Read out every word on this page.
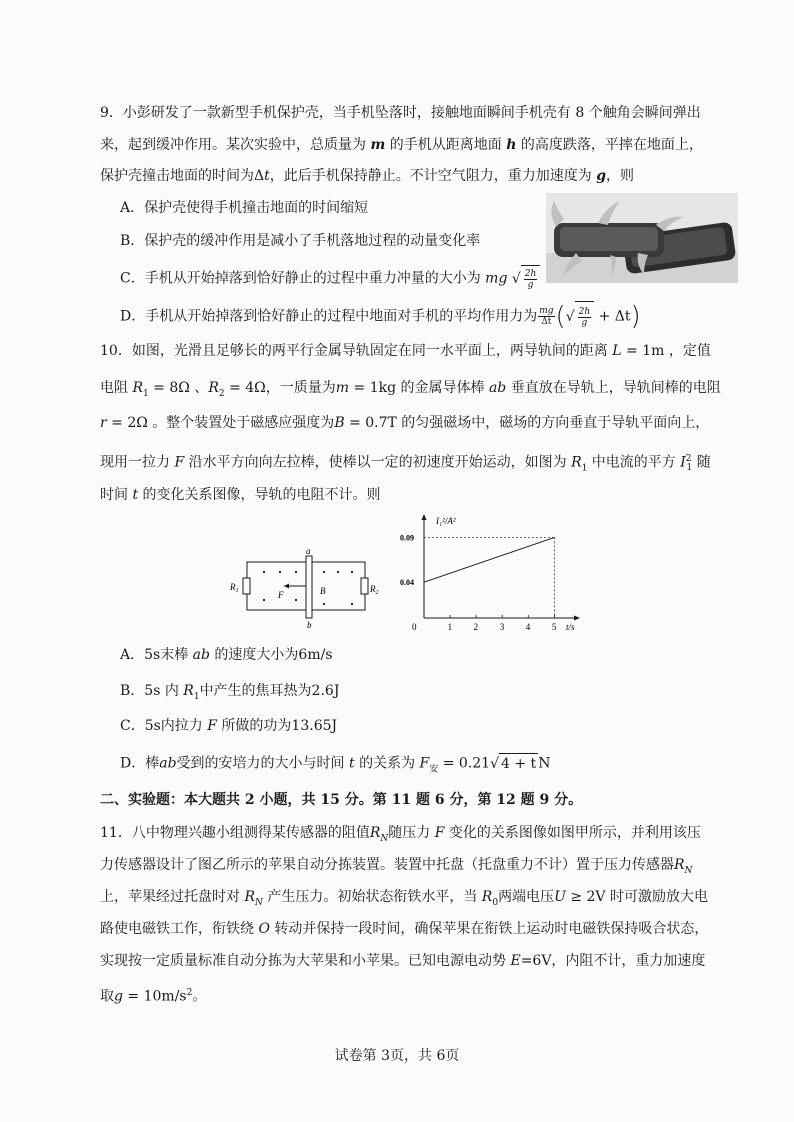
9．小彭研发了一款新型手机保护壳，当手机坠落时，接触地面瞬间手机壳有 8 个触角会瞬间弹出
来，起到缓冲作用。某次实验中，总质量为 m 的手机从距离地面 h 的高度跌落，平摔在地面上，
保护壳撞击地面的时间为Δt，此后手机保持静止。不计空气阻力，重力加速度为 g，则
A．保护壳使得手机撞击地面的时间缩短
B．保护壳的缓冲作用是减小了手机落地过程的动量变化率
C．手机从开始掉落到恰好静止的过程中重力冲量的大小为 mg √ $\frac{2h}{g}$
D．手机从开始掉落到恰好静止的过程中地面对手机的平均作用力为 $\frac{mg}{\Delta t}$ (√ $\frac{2h}{g} + \Delta t$)
10．如图，光滑且足够长的两平行金属导轨固定在同一水平面上，两导轨间的距离 L = 1m ，定值
电阻 $R_1 = 8\Omega$ 、$R_2 = 4\Omega$，一质量为m = 1kg 的金属导体棒 ab 垂直放在导轨上，导轨间棒的电阻
r = 2Ω 。整个装置处于磁感应强度为B = 0.7T 的匀强磁场中，磁场的方向垂直于导轨平面向上，
现用一拉力 F 沿水平方向向左拉棒，使棒以一定的初速度开始运动，如图为 $R_1$ 中电流的平方 $I^2_1$ 随
时间 t 的变化关系图像，导轨的电阻不计。则
a
b
$R_1$	$R_2$
F	B
0	1 2 3 4 5
0.04
0.09
t/s
I₁²/A²
A．5s末棒 ab 的速度大小为6m/s
B．5s 内 $R_1$中产生的焦耳热为2.6J
C．5s内拉力 F 所做的功为13.65J
D．棒ab受到的安培力的大小与时间 t 的关系为 $F_安 = 0.21√$ 4 + t N
二、实验题：本大题共 2 小题，共 15 分。第 11 题 6 分，第 12 题 9 分。
11．八中物理兴趣小组测得某传感器的阻值$R_N$随压力 F 变化的关系图像如图甲所示，并利用该压
力传感器设计了图乙所示的苹果自动分拣装置。装置中托盘（托盘重力不计）置于压力传感器$R_N$
上，苹果经过托盘时对 $R_N$ 产生压力。初始状态衔铁水平，当 $R_0$两端电压U ≥ 2V 时可激励放大电
路使电磁铁工作，衔铁绕 O 转动并保持一段时间，确保苹果在衔铁上运动时电磁铁保持吸合状态，
实现按一定质量标准自动分拣为大苹果和小苹果。已知电源电动势 E=6V，内阻不计，重力加速度
取$g = 10m/s^2$。
试卷第 3页，共 6页
